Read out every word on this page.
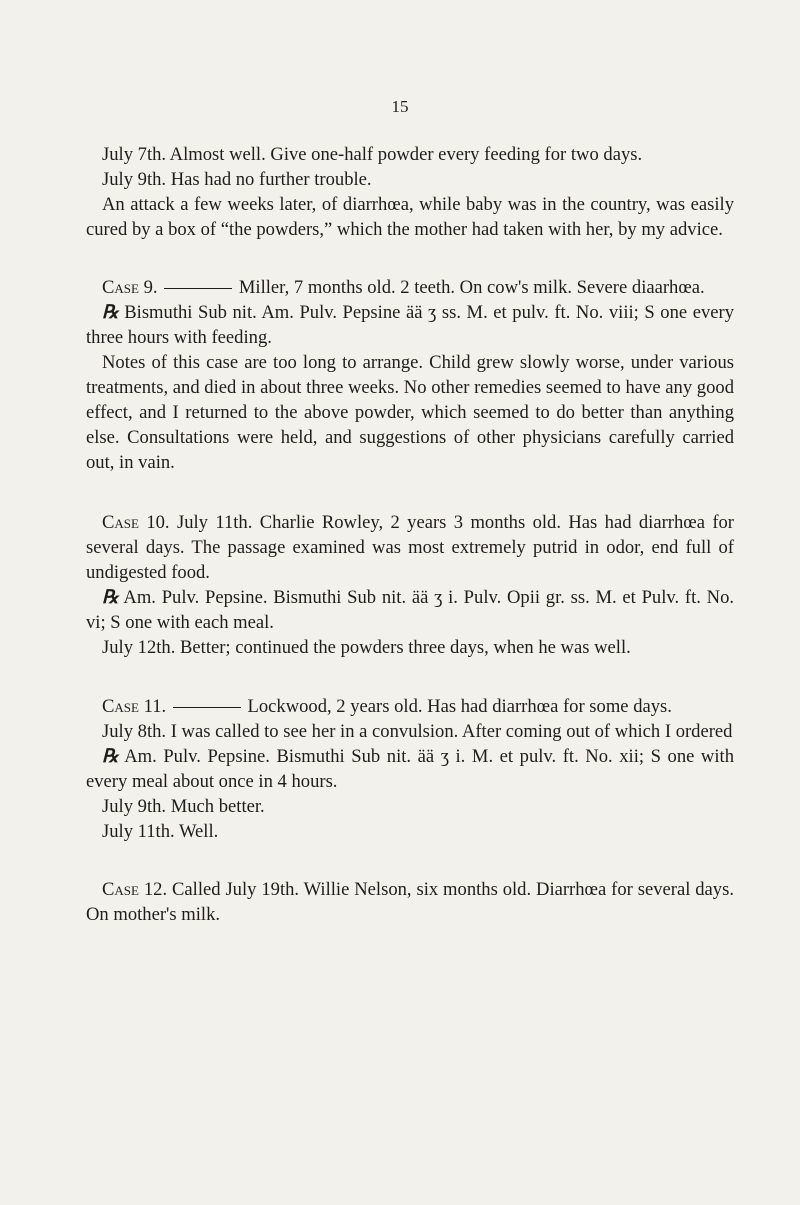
15

July 7th. Almost well. Give one-half powder every feeding for two days.

July 9th. Has had no further trouble.

An attack a few weeks later, of diarrhœa, while baby was in the country, was easily cured by a box of “the powders,” which the mother had taken with her, by my advice.

Case 9.	Miller, 7 months old. 2 teeth. On cow's milk. Severe diaarhœa.

℞ Bismuthi Sub nit. Am. Pulv. Pepsine ää ʒ ss. M. et pulv. ft. No. viii; S one every three hours with feeding.

Notes of this case are too long to arrange. Child grew slowly worse, under various treatments, and died in about three weeks. No other remedies seemed to have any good effect, and I returned to the above powder, which seemed to do better than anything else. Consultations were held, and suggestions of other physicians carefully carried out, in vain.

Case 10. July 11th. Charlie Rowley, 2 years 3 months old. Has had diarrhœa for several days. The passage examined was most extremely putrid in odor, end full of undigested food.

℞ Am. Pulv. Pepsine. Bismuthi Sub nit. ää ʒ i. Pulv. Opii gr. ss. M. et Pulv. ft. No. vi; S one with each meal.

July 12th. Better; continued the powders three days, when he was well.

Case 11.	Lockwood, 2 years old. Has had diarrhœa for some days.

July 8th. I was called to see her in a convulsion. After coming out of which I ordered

℞ Am. Pulv. Pepsine. Bismuthi Sub nit. ää ʒ i. M. et pulv. ft. No. xii; S one with every meal about once in 4 hours.

July 9th. Much better.

July 11th. Well.

Case 12. Called July 19th. Willie Nelson, six months old. Diarrhœa for several days. On mother's milk.
